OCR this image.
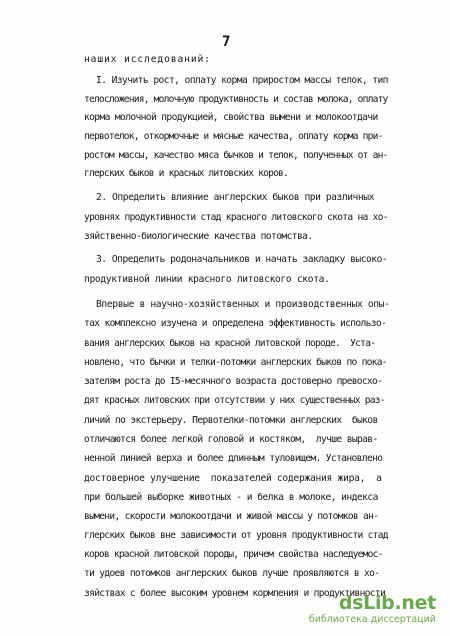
7
наших исследований:
I. Изучить рост, оплату корма приростом массы телок, тип
телосложения, молочную продуктивность и состав молока, оплату
корма молочной продукцией, свойства вымени и молокоотдачи
первотелок, откормочные и мясные качества, оплату корма при-
ростом массы, качество мяса бычков и телок, полученных от ан-
глерских быков и красных литовских коров.
2. Определить влияние англерских быков при различных
уровнях продуктивности стад красного литовского скота на хо-
зяйственно-биологические качества потомства.
3. Определить родоначальников и начать закладку высоко-
продуктивной линии красного литовского скота.
Впервые в научно-хозяйственных и производственных опы-
тах комплексно изучена и определена эффективность использо-
вания англерских быков на красной литовской породе.  Уста-
новлено, что бычки и телки-потомки англерских быков по пока-
зателям роста до I5-месячного возраста достоверно превосхо-
дят красных литовских при отсутствии у них существенных раз-
личий по экстерьеру. Первотелки-потомки англерских  быков
отличаются более легкой головой и костяком,  лучше вырав-
ненной линией верха и более длинным туловищем. Установлено
достоверное улучшение  показателей содержания жира,  а
при большей выборке животных - и белка в молоке, индекса
вымени, скорости молокоотдачи и живой массы у потомков ан-
глерских быков вне зависимости от уровня продуктивности стад
коров красной литовской породы, причем свойства наследуемос-
ти удоев потомков англерских быков лучше проявляются в хо-
зяйствах с более высоким уровнем кормления и продуктивности
dsLib.net
библиотека диссертаций
